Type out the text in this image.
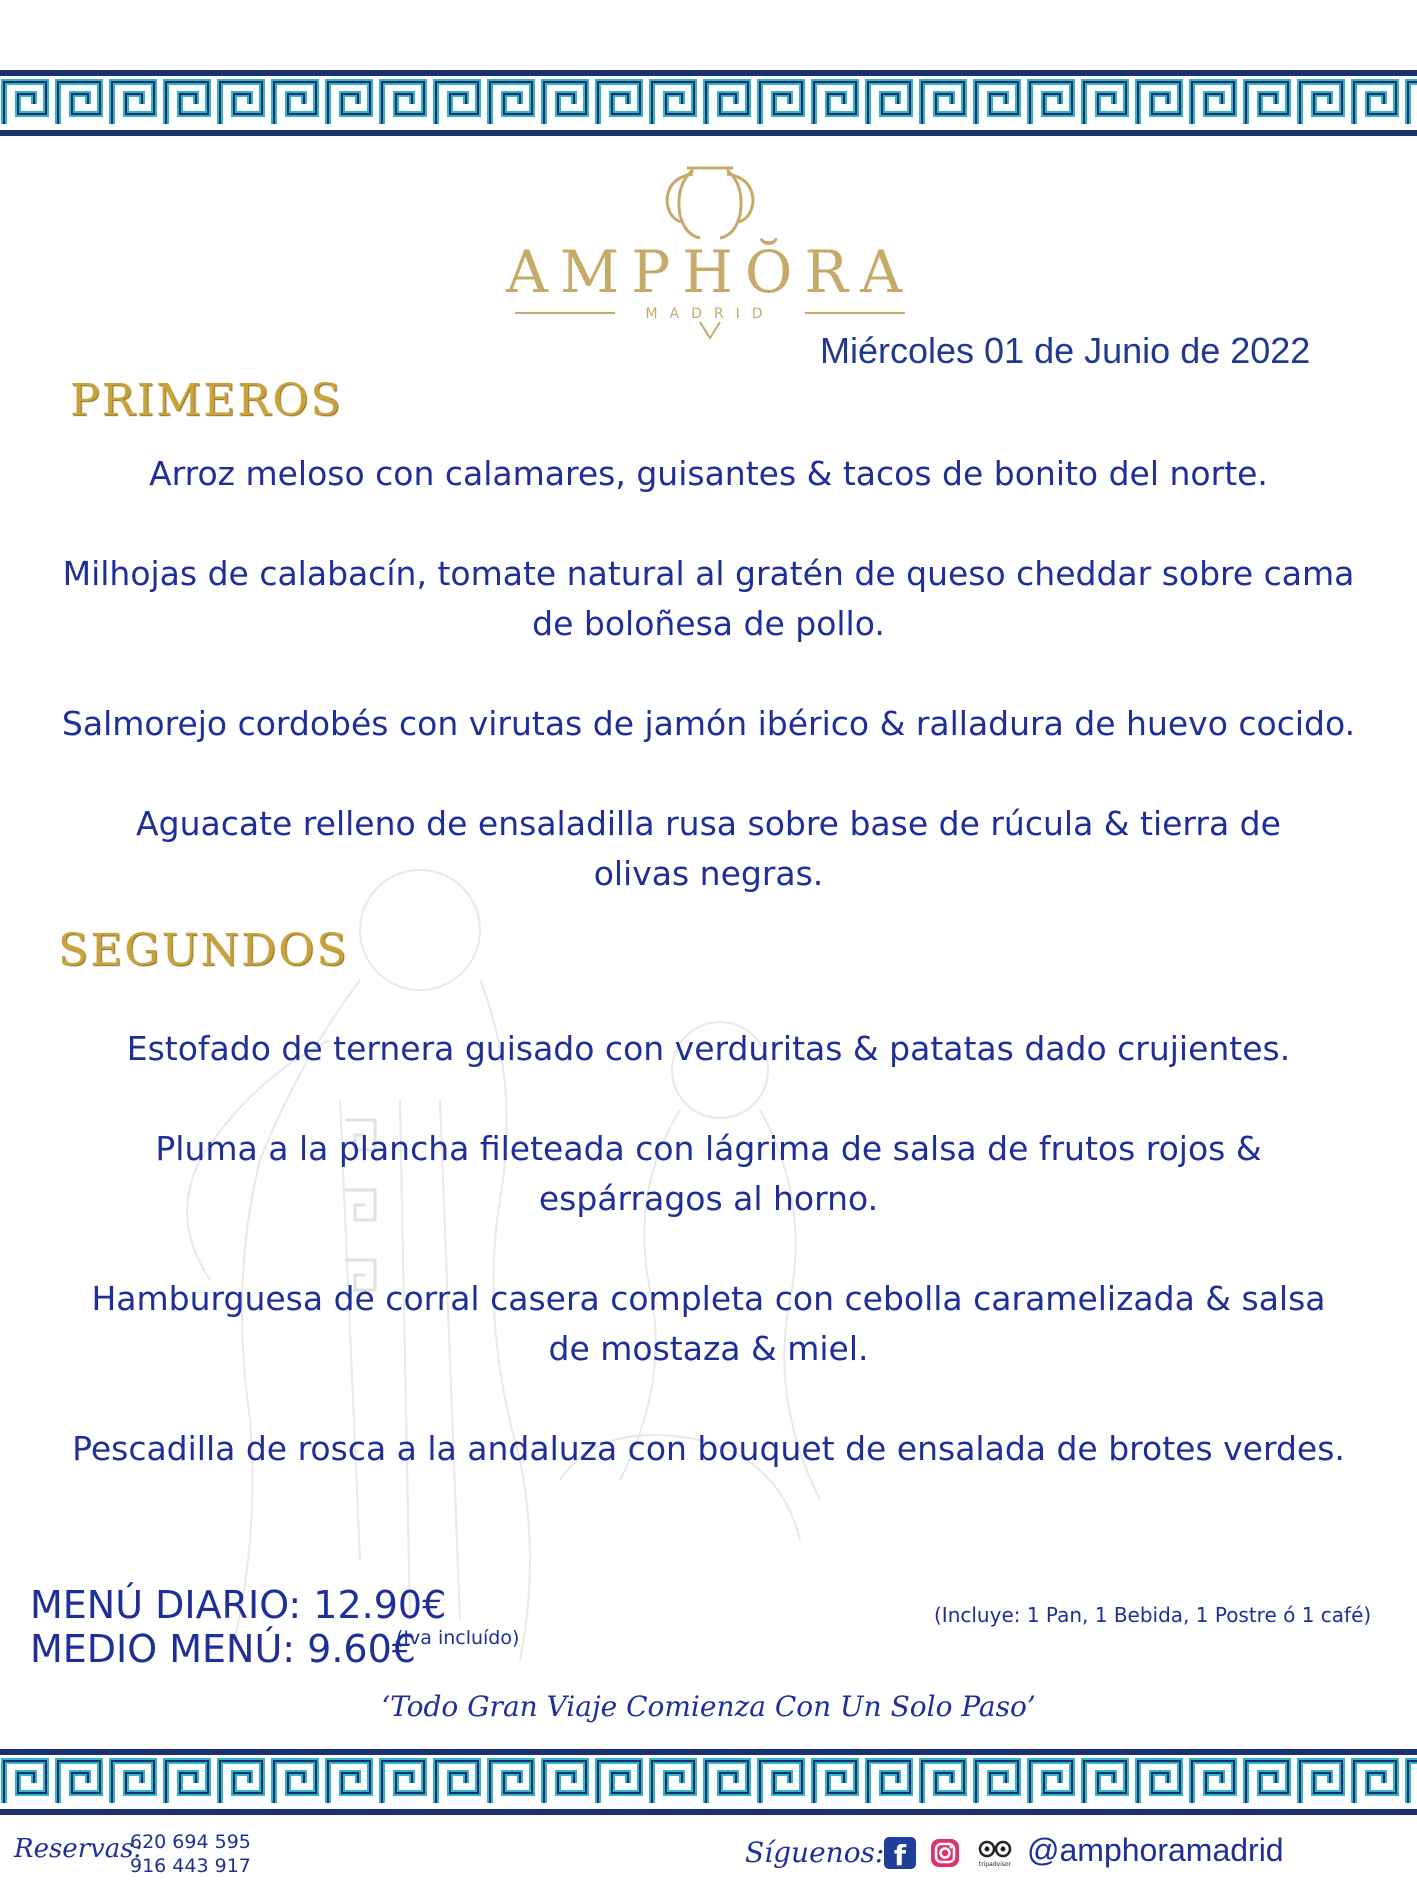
AMPHŎRA
MADRID
Miércoles 01 de Junio de 2022
PRIMEROS
Arroz meloso con calamares, guisantes & tacos de bonito del norte.
Milhojas de calabacín, tomate natural al gratén de queso cheddar sobre cama
de boloñesa de pollo.
Salmorejo cordobés con virutas de jamón ibérico & ralladura de huevo cocido.
Aguacate relleno de ensaladilla rusa sobre base de rúcula & tierra de
olivas negras.
SEGUNDOS
Estofado de ternera guisado con verduritas & patatas dado crujientes.
Pluma a la plancha fileteada con lágrima de salsa de frutos rojos &
espárragos al horno.
Hamburguesa de corral casera completa con cebolla caramelizada & salsa
de mostaza & miel.
Pescadilla de rosca a la andaluza con bouquet de ensalada de brotes verdes.
MENÚ DIARIO: 12.90€
MEDIO MENÚ: 9.60€
(Iva incluído)
(Incluye: 1 Pan, 1 Bebida, 1 Postre ó 1 café)
‘Todo Gran Viaje Comienza Con Un Solo Paso’
Reservas:
620 694 595
916 443 917	Síguenos: f	tripadvisor @amphoramadrid
